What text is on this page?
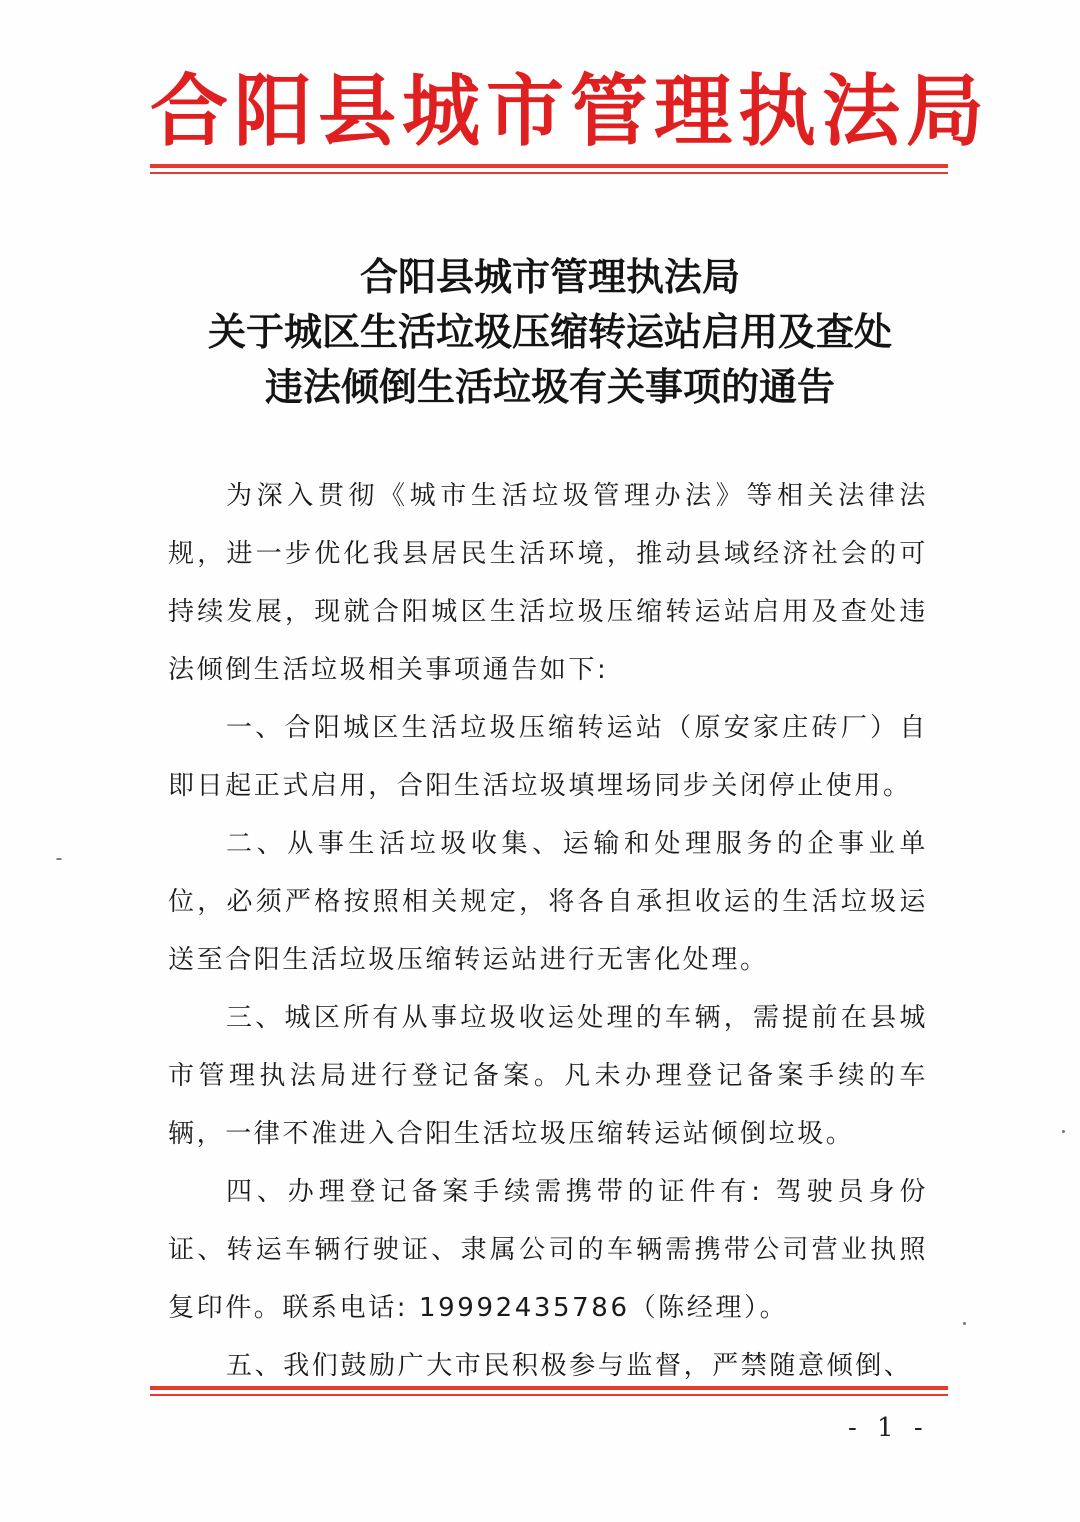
合阳县城市管理执法局
合阳县城市管理执法局
关于城区生活垃圾压缩转运站启用及查处
违法倾倒生活垃圾有关事项的通告

为深入贯彻《城市生活垃圾管理办法》等相关法律法规，进一步优化我县居民生活环境，推动县域经济社会的可持续发展，现就合阳城区生活垃圾压缩转运站启用及查处违法倾倒生活垃圾相关事项通告如下:

一、合阳城区生活垃圾压缩转运站（原安家庄砖厂）自即日起正式启用，合阳生活垃圾填埋场同步关闭停止使用。

二、从事生活垃圾收集、运输和处理服务的企事业单位，必须严格按照相关规定，将各自承担收运的生活垃圾运送至合阳生活垃圾压缩转运站进行无害化处理。

三、城区所有从事垃圾收运处理的车辆，需提前在县城市管理执法局进行登记备案。凡未办理登记备案手续的车辆，一律不准进入合阳生活垃圾压缩转运站倾倒垃圾。

四、办理登记备案手续需携带的证件有: 驾驶员身份证、转运车辆行驶证、隶属公司的车辆需携带公司营业执照复印件。联系电话: 19992435786（陈经理）。

五、我们鼓励广大市民积极参与监督，严禁随意倾倒、

- 1 -
